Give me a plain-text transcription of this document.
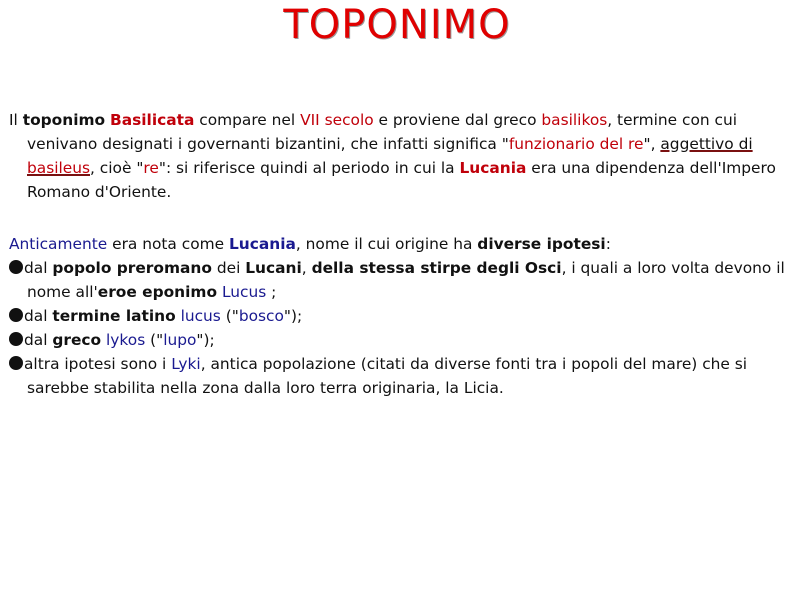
TOPONIMO

Il toponimo Basilicata compare nel VII secolo e proviene dal greco basilikos, termine con cui venivano designati i governanti bizantini, che infatti significa "funzionario del re", aggettivo di basileus, cioè "re": si riferisce quindi al periodo in cui la Lucania era una dipendenza dell'Impero Romano d'Oriente.

Anticamente era nota come Lucania, nome il cui origine ha diverse ipotesi:

dal popolo preromano dei Lucani, della stessa stirpe degli Osci, i quali a loro volta devono il nome all'eroe eponimo Lucus ;

dal termine latino lucus ("bosco");

dal greco lykos ("lupo");

altra ipotesi sono i Lyki, antica popolazione (citati da diverse fonti tra i popoli del mare) che si sarebbe stabilita nella zona dalla loro terra originaria, la Licia.
